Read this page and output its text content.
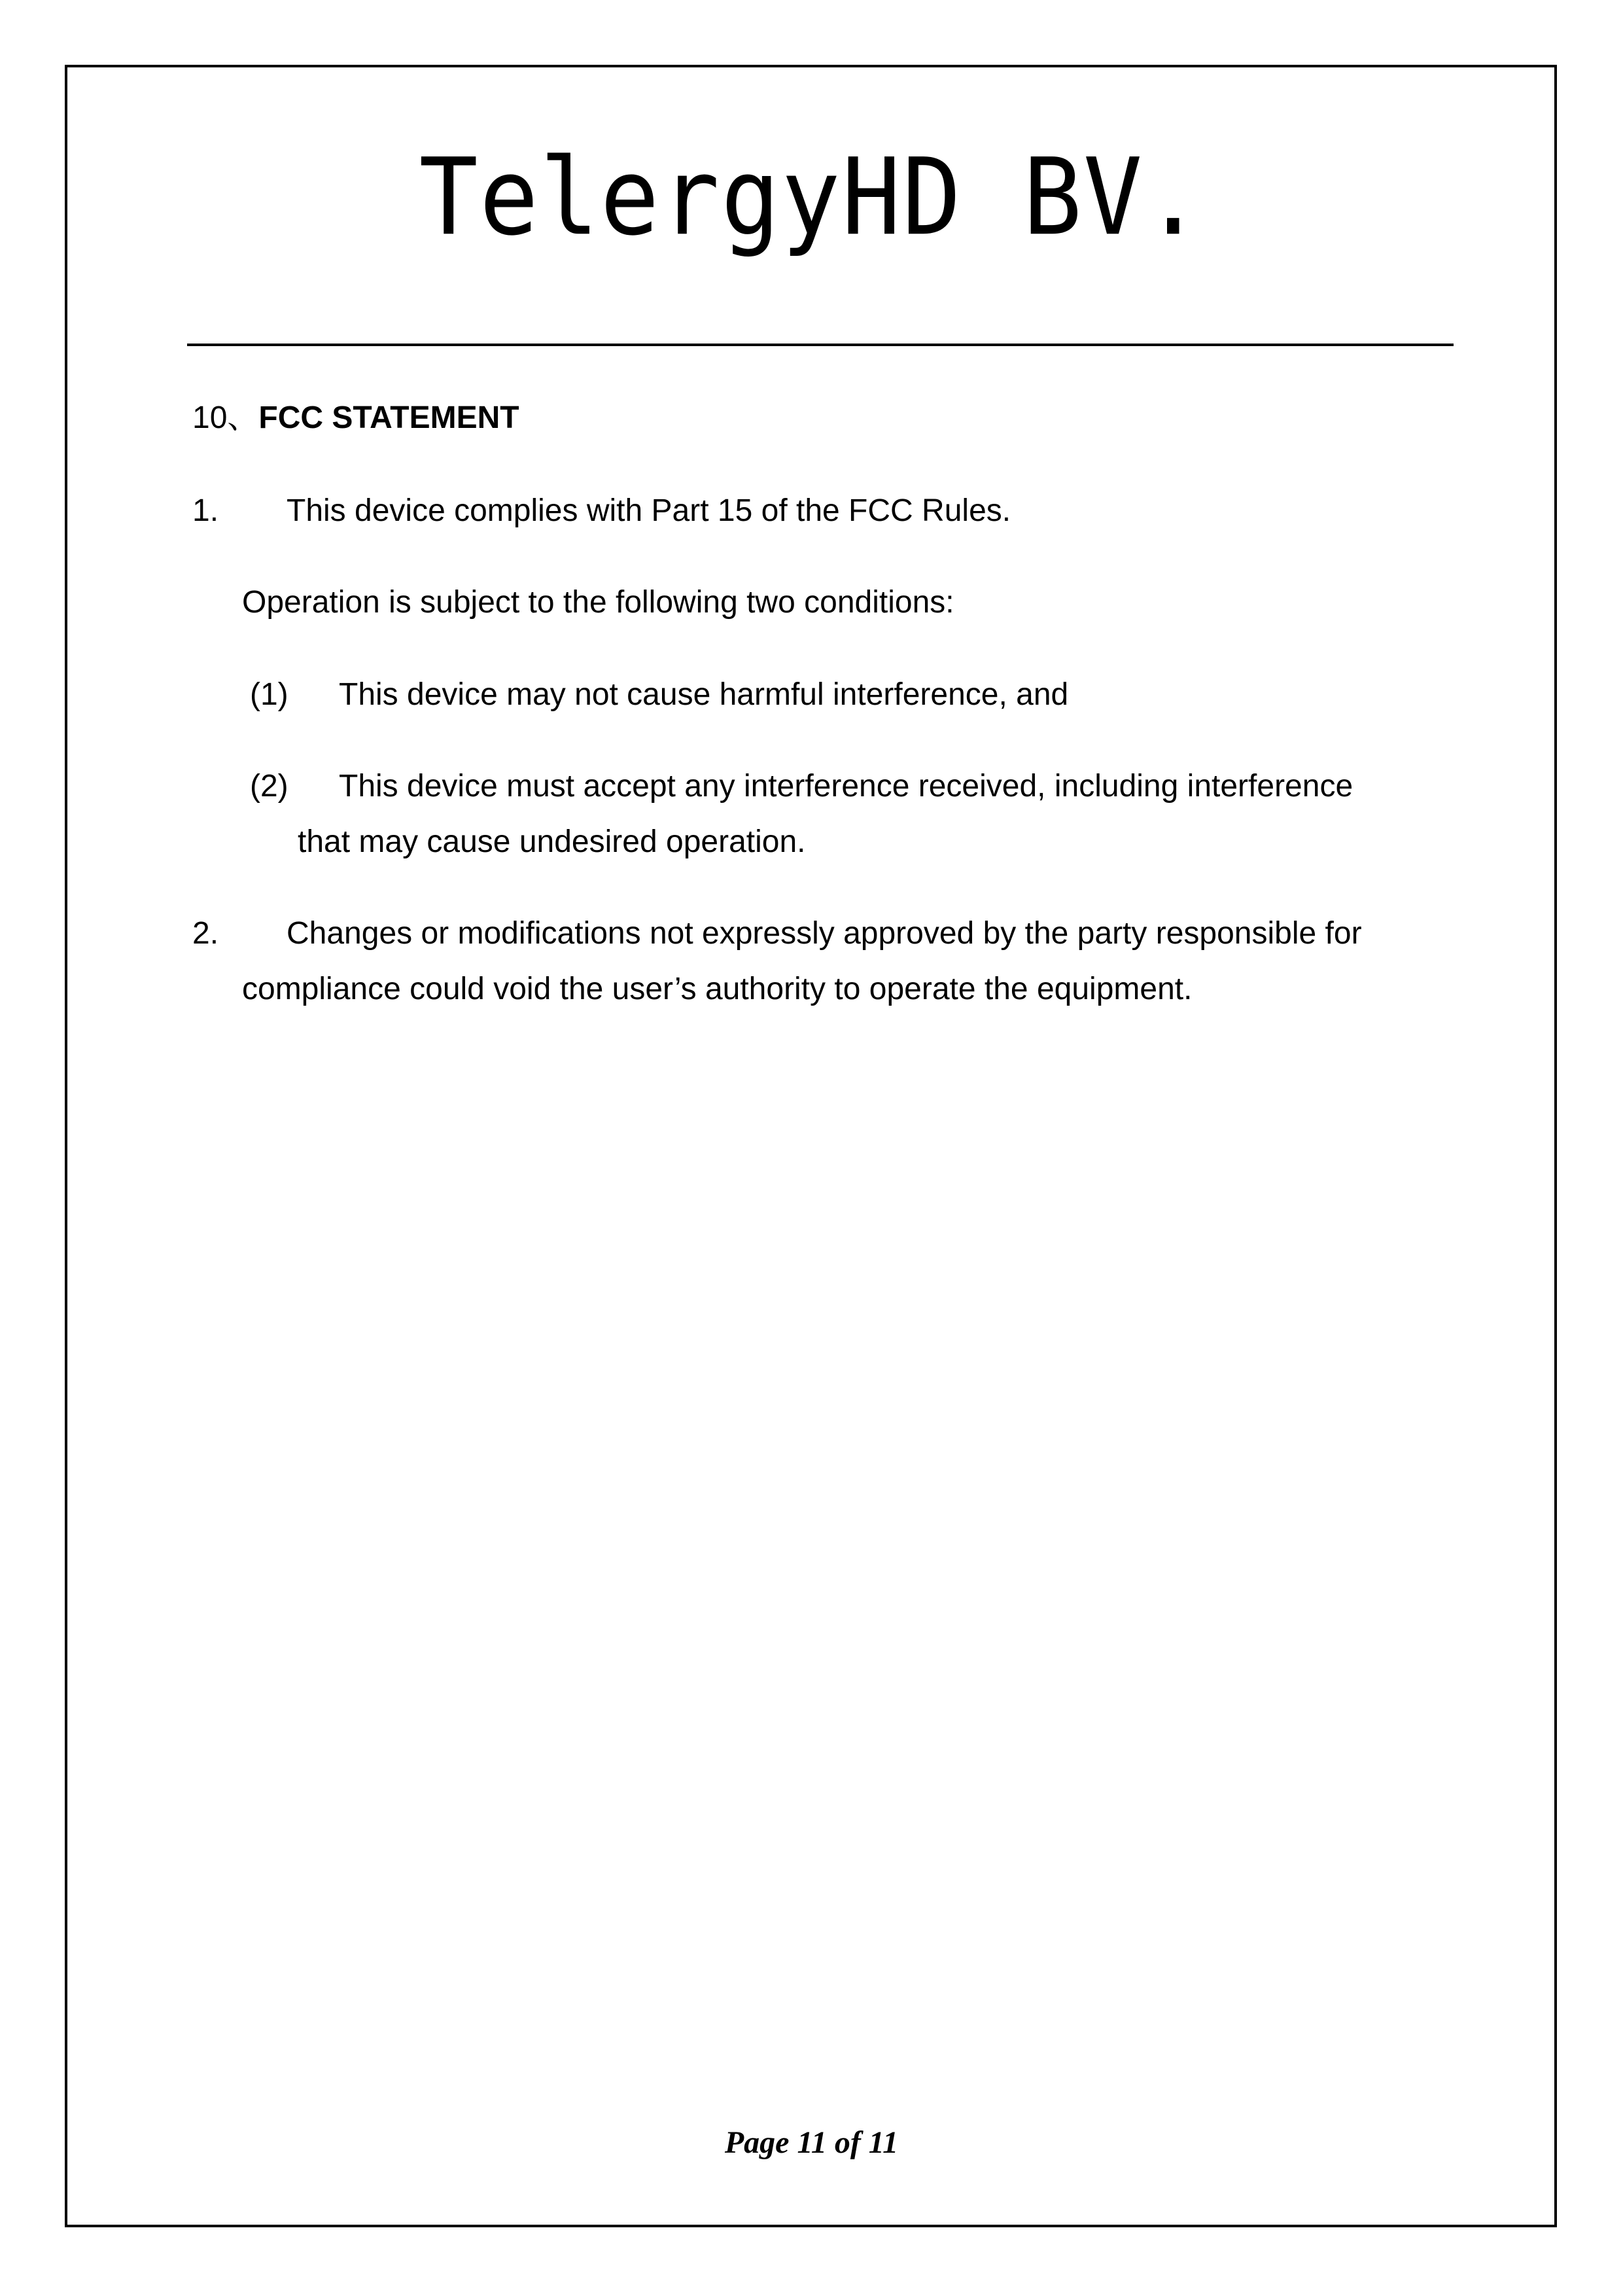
TelergyHD BV.
10、FCC STATEMENT
1. This device complies with Part 15 of the FCC Rules.
Operation is subject to the following two conditions:
(1) This device may not cause harmful interference, and
(2) This device must accept any interference received, including interference
that may cause undesired operation.
2. Changes or modifications not expressly approved by the party responsible for
compliance could void the user’s authority to operate the equipment.
Page 11 of 11
